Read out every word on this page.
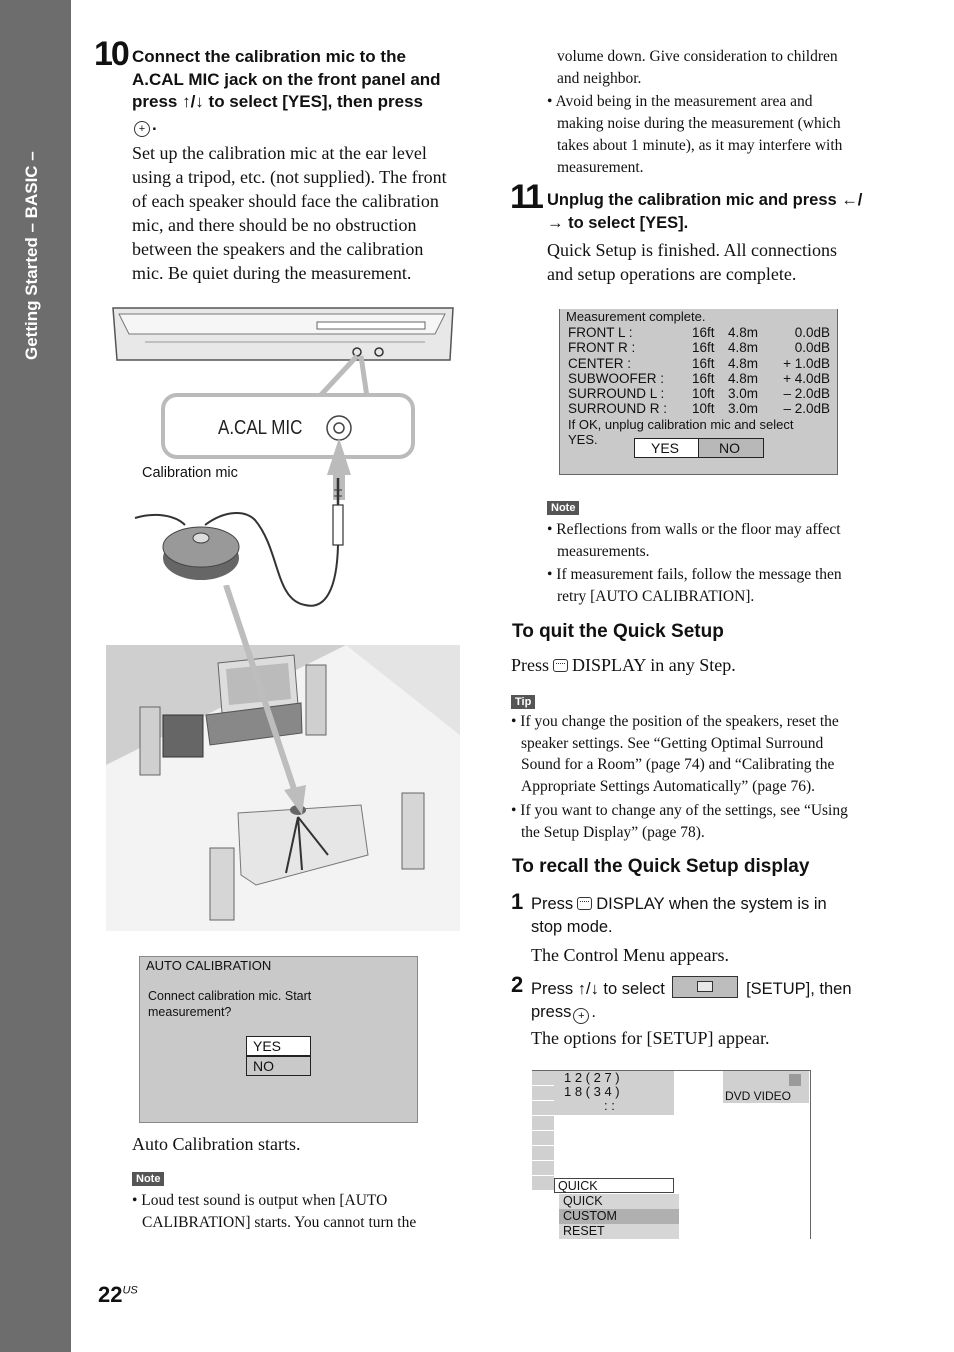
Getting Started – BASIC –
10 Connect the calibration mic to the
A.CAL MIC jack on the front panel and
press ↑/↓ to select [YES], then press
+ .
Set up the calibration mic at the ear level
using a tripod, etc. (not supplied). The front
of each speaker should face the calibration
mic, and there should be no obstruction
between the speakers and the calibration
mic. Be quiet during the measurement.
A.CAL MIC
Calibration mic
AUTO CALIBRATION
Connect calibration mic. Start
measurement?
YES
NO
Auto Calibration starts.
Note
• Loud test sound is output when [AUTO
CALIBRATION] starts. You cannot turn the
$22^{US}$
volume down. Give consideration to children
and neighbor.
• Avoid being in the measurement area and
making noise during the measurement (which
takes about 1 minute), as it may interfere with
measurement.
11 Unplug the calibration mic and press ←/
→ to select [YES].
Quick Setup is finished. All connections
and setup operations are complete.
Measurement complete.
FRONT L :	16ft	4.8m	0.0dB
FRONT R :	16ft	4.8m	0.0dB
CENTER :	16ft	4.8m	+ 1.0dB
SUBWOOFER :	16ft	4.8m	+ 4.0dB
SURROUND L :	10ft	3.0m	– 2.0dB
SURROUND R :	10ft	3.0m	– 2.0dB
If OK, unplug calibration mic and select
YES.
YES	NO
Note
• Reflections from walls or the floor may affect
measurements.
• If measurement fails, follow the message then
retry [AUTO CALIBRATION].
To quit the Quick Setup
Press DISPLAY in any Step.
Tip
• If you change the position of the speakers, reset the
speaker settings. See “Getting Optimal Surround
Sound for a Room” (page 74) and “Calibrating the
Appropriate Settings Automatically” (page 76).
• If you want to change any of the settings, see “Using
the Setup Display” (page 78).
To recall the Quick Setup display
1 Press DISPLAY when the system is in
stop mode.
The Control Menu appears.
2 Press ↑/↓ to select	[SETUP], then
press + .
The options for [SETUP] appear.
1 2 ( 2 7 )
1 8 ( 3 4 )
: :
DVD VIDEO
QUICK
QUICK
CUSTOM
RESET
